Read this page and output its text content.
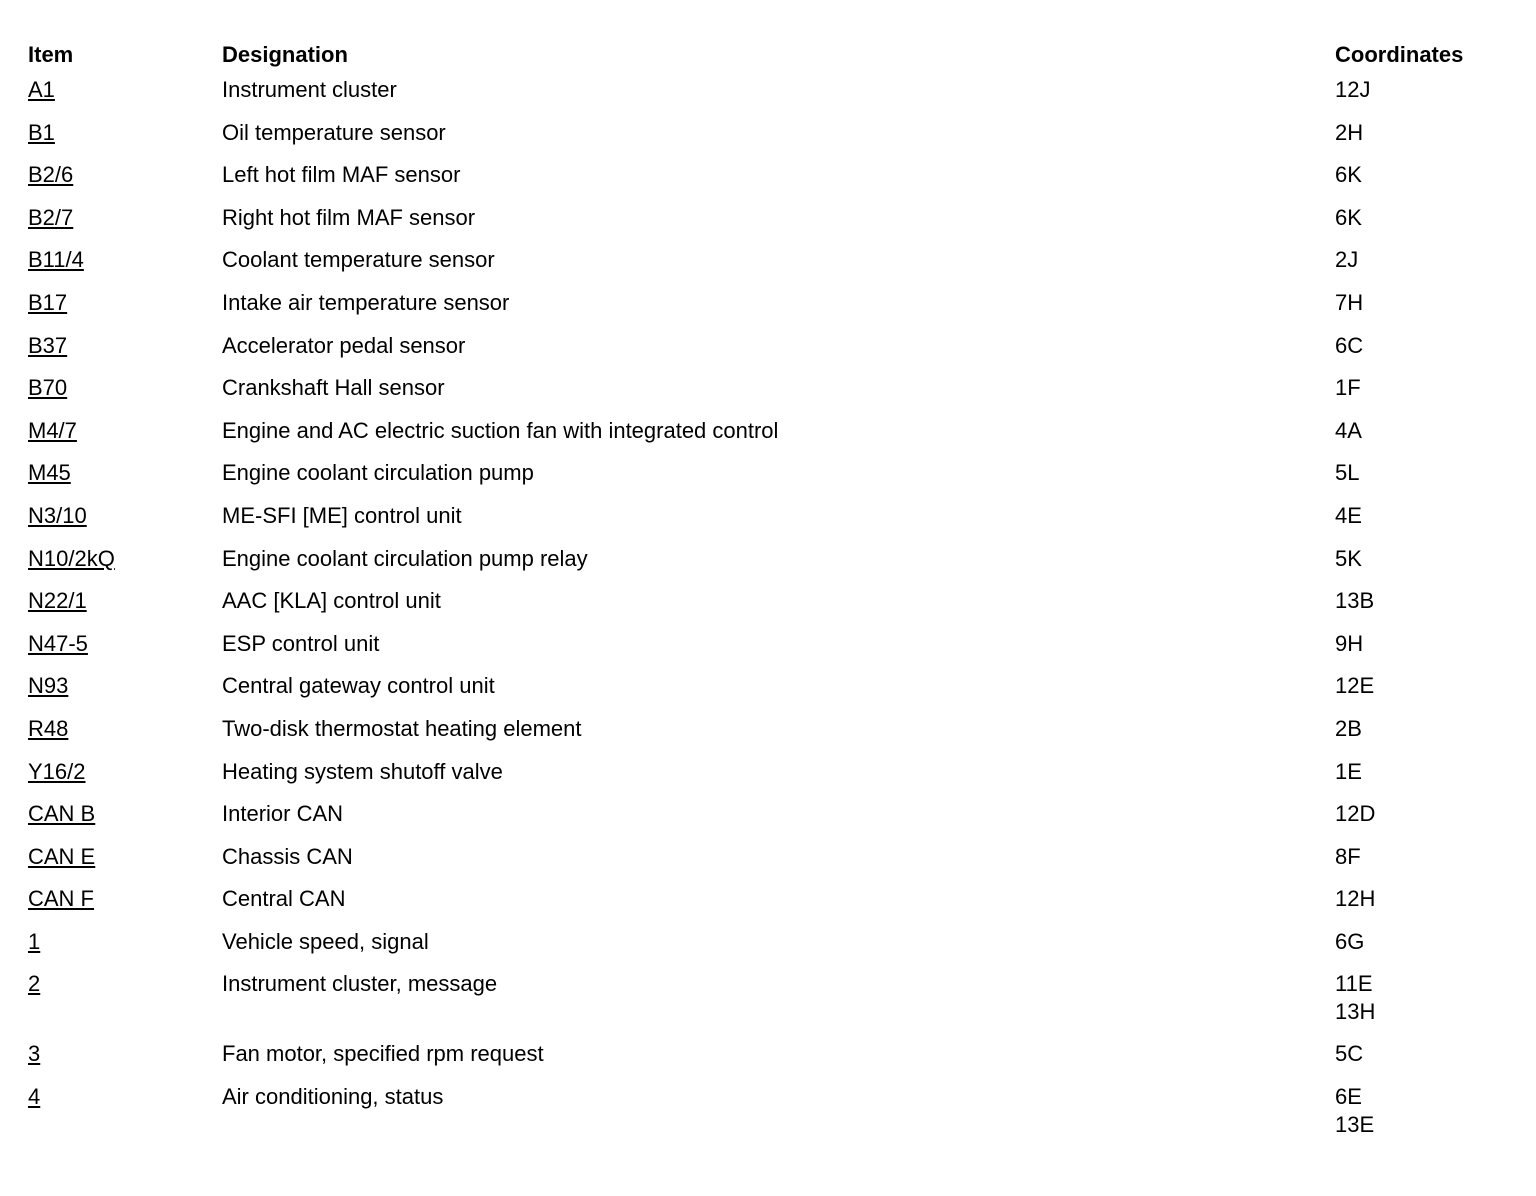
Item	Designation	Coordinates
A1	Instrument cluster	12J

B1	Oil temperature sensor	2H

B2/6	Left hot film MAF sensor	6K

B2/7	Right hot film MAF sensor	6K

B11/4	Coolant temperature sensor	2J

B17	Intake air temperature sensor	7H

B37	Accelerator pedal sensor	6C

B70	Crankshaft Hall sensor	1F

M4/7	Engine and AC electric suction fan with integrated control	4A

M45	Engine coolant circulation pump	5L

N3/10	ME-SFI [ME] control unit	4E

N10/2kQ	Engine coolant circulation pump relay	5K

N22/1	AAC [KLA] control unit	13B

N47-5	ESP control unit	9H

N93	Central gateway control unit	12E

R48	Two-disk thermostat heating element	2B

Y16/2	Heating system shutoff valve	1E

CAN B	Interior CAN	12D

CAN E	Chassis CAN	8F

CAN F	Central CAN	12H

1	Vehicle speed, signal	6G

2	Instrument cluster, message	11E
13H

3	Fan motor, specified rpm request	5C

4	Air conditioning, status	6E
13E
